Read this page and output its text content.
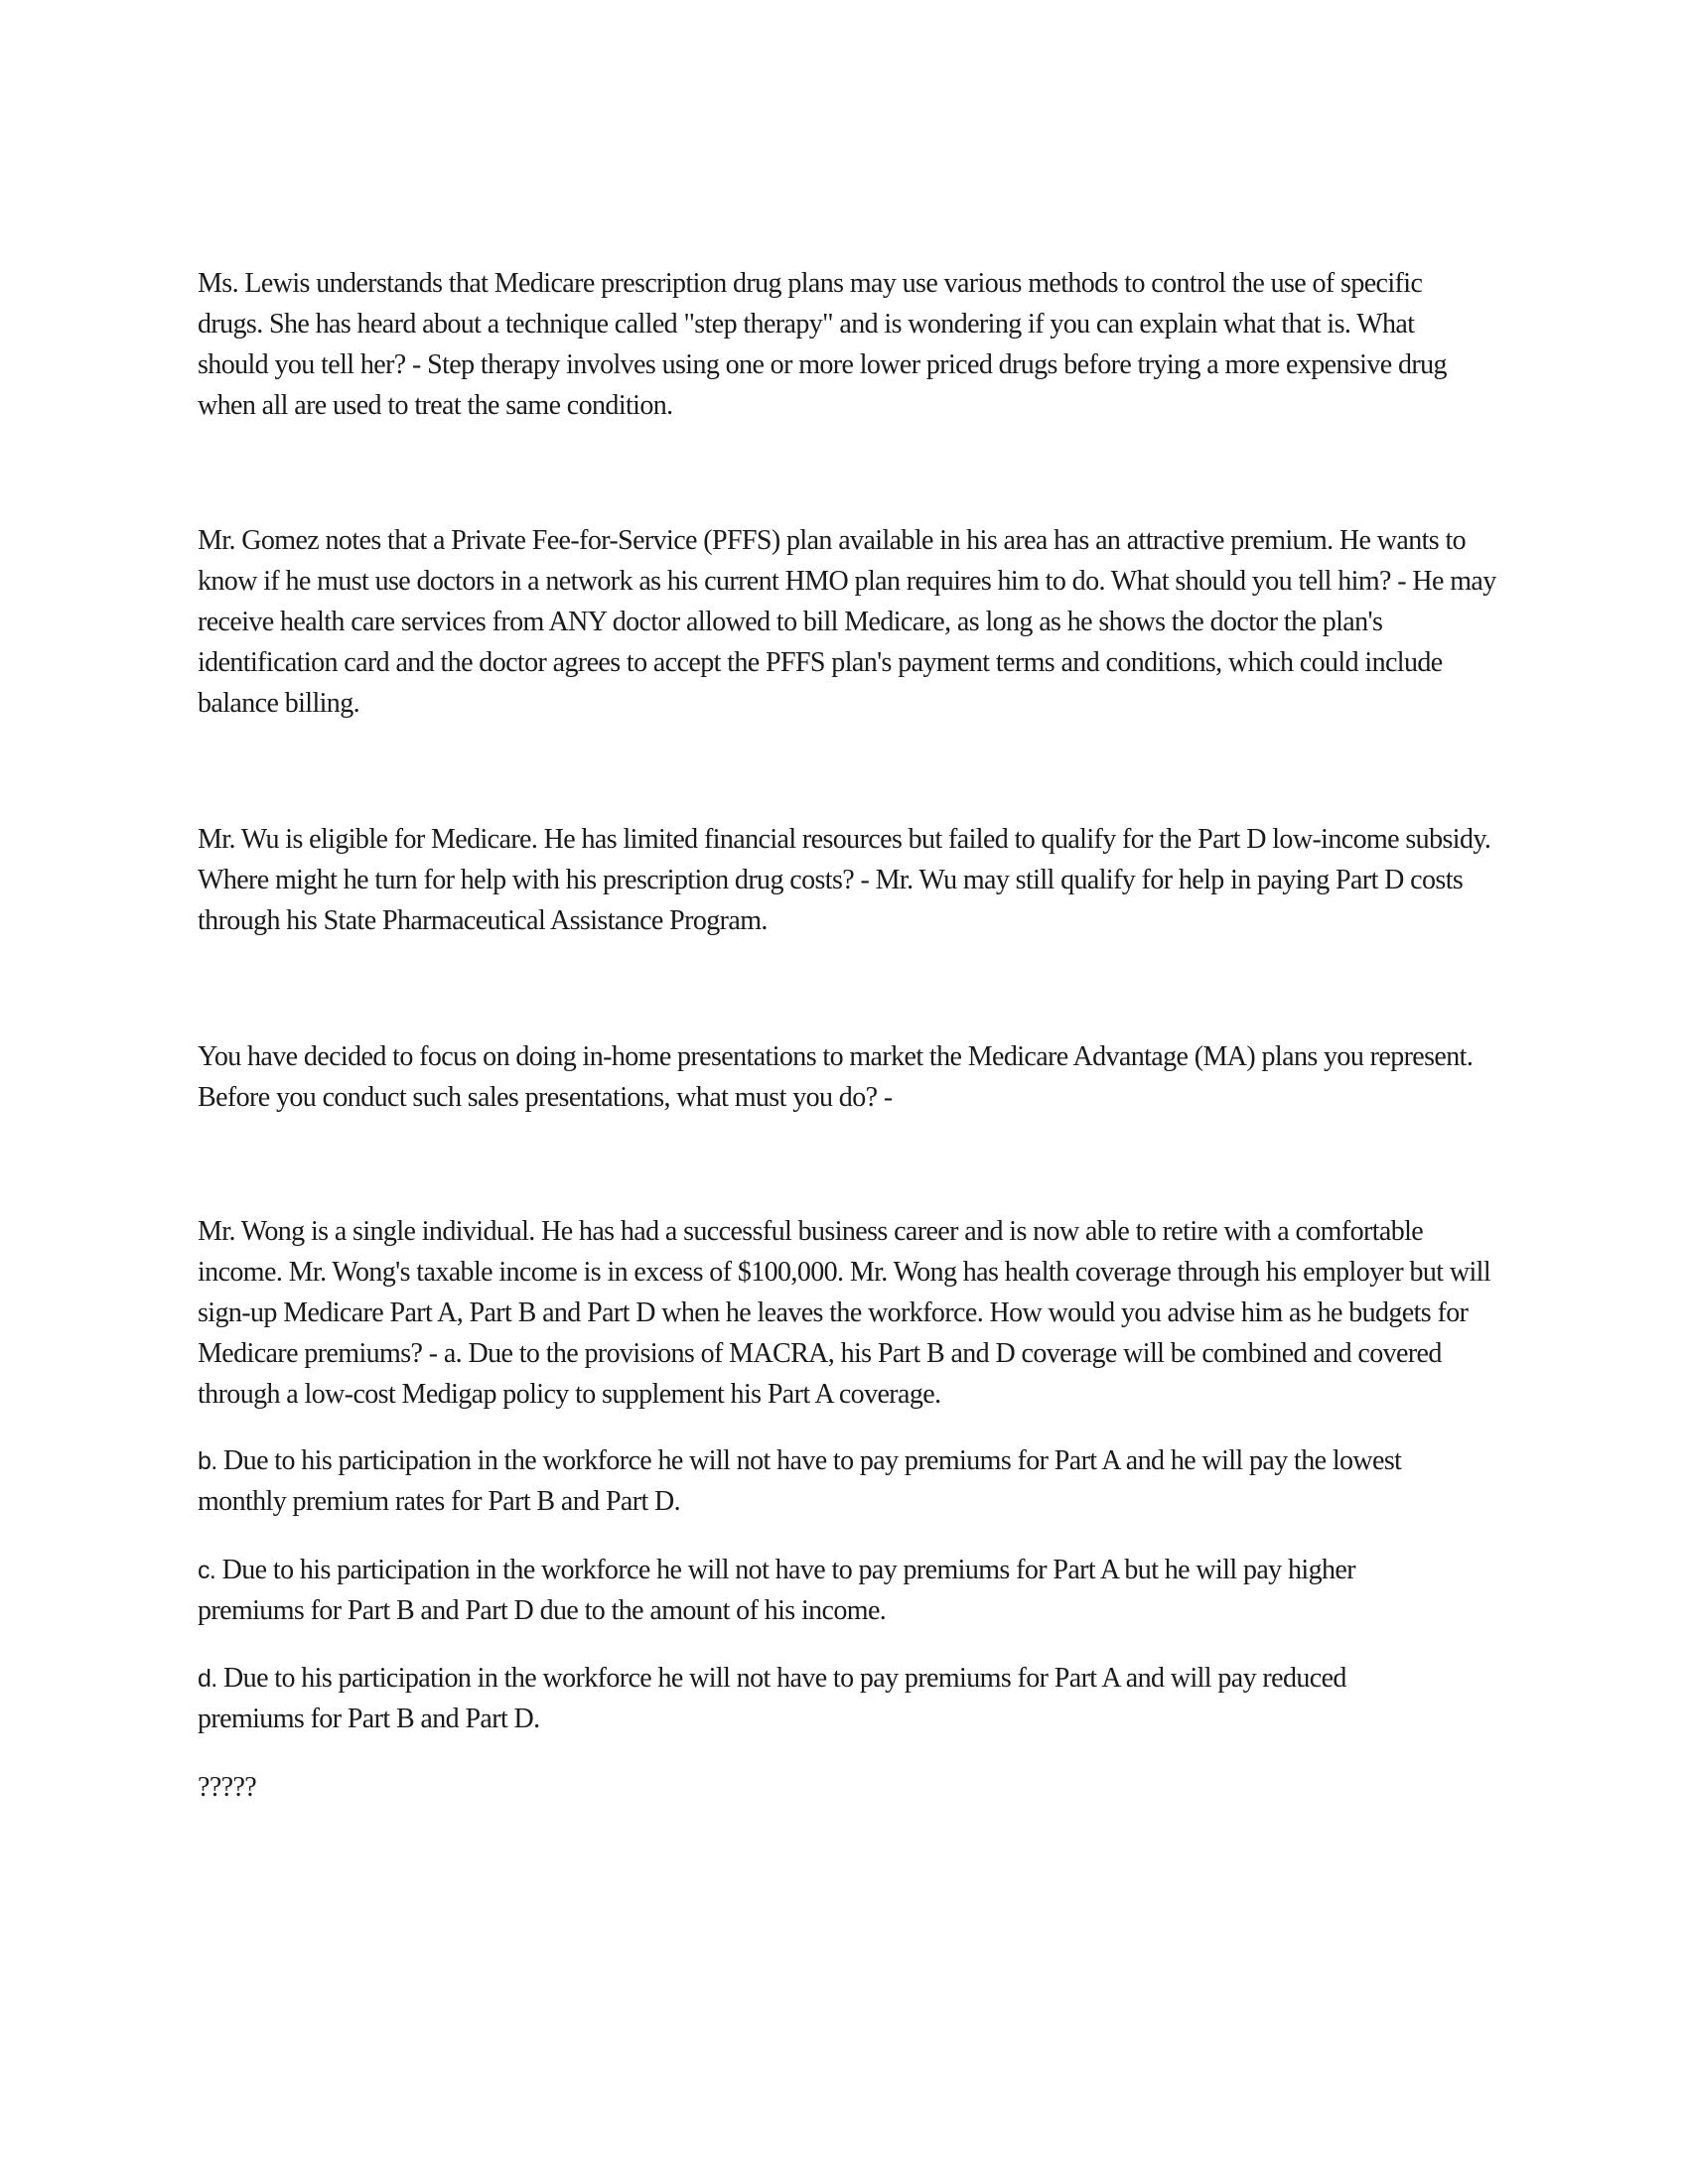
Ms. Lewis understands that Medicare prescription drug plans may use various methods to control the use of specific
drugs. She has heard about a technique called "step therapy" and is wondering if you can explain what that is. What
should you tell her? - Step therapy involves using one or more lower priced drugs before trying a more expensive drug
when all are used to treat the same condition.
Mr. Gomez notes that a Private Fee-for-Service (PFFS) plan available in his area has an attractive premium. He wants to
know if he must use doctors in a network as his current HMO plan requires him to do. What should you tell him? - He may
receive health care services from ANY doctor allowed to bill Medicare, as long as he shows the doctor the plan's
identification card and the doctor agrees to accept the PFFS plan's payment terms and conditions, which could include
balance billing.
Mr. Wu is eligible for Medicare. He has limited financial resources but failed to qualify for the Part D low-income subsidy.
Where might he turn for help with his prescription drug costs? - Mr. Wu may still qualify for help in paying Part D costs
through his State Pharmaceutical Assistance Program.
You have decided to focus on doing in-home presentations to market the Medicare Advantage (MA) plans you represent.
Before you conduct such sales presentations, what must you do? -
Mr. Wong is a single individual. He has had a successful business career and is now able to retire with a comfortable
income. Mr. Wong's taxable income is in excess of $100,000. Mr. Wong has health coverage through his employer but will
sign-up Medicare Part A, Part B and Part D when he leaves the workforce. How would you advise him as he budgets for
Medicare premiums? - a. Due to the provisions of MACRA, his Part B and D coverage will be combined and covered
through a low-cost Medigap policy to supplement his Part A coverage.
b. Due to his participation in the workforce he will not have to pay premiums for Part A and he will pay the lowest
monthly premium rates for Part B and Part D.
c. Due to his participation in the workforce he will not have to pay premiums for Part A but he will pay higher
premiums for Part B and Part D due to the amount of his income.
d. Due to his participation in the workforce he will not have to pay premiums for Part A and will pay reduced
premiums for Part B and Part D.
?????
